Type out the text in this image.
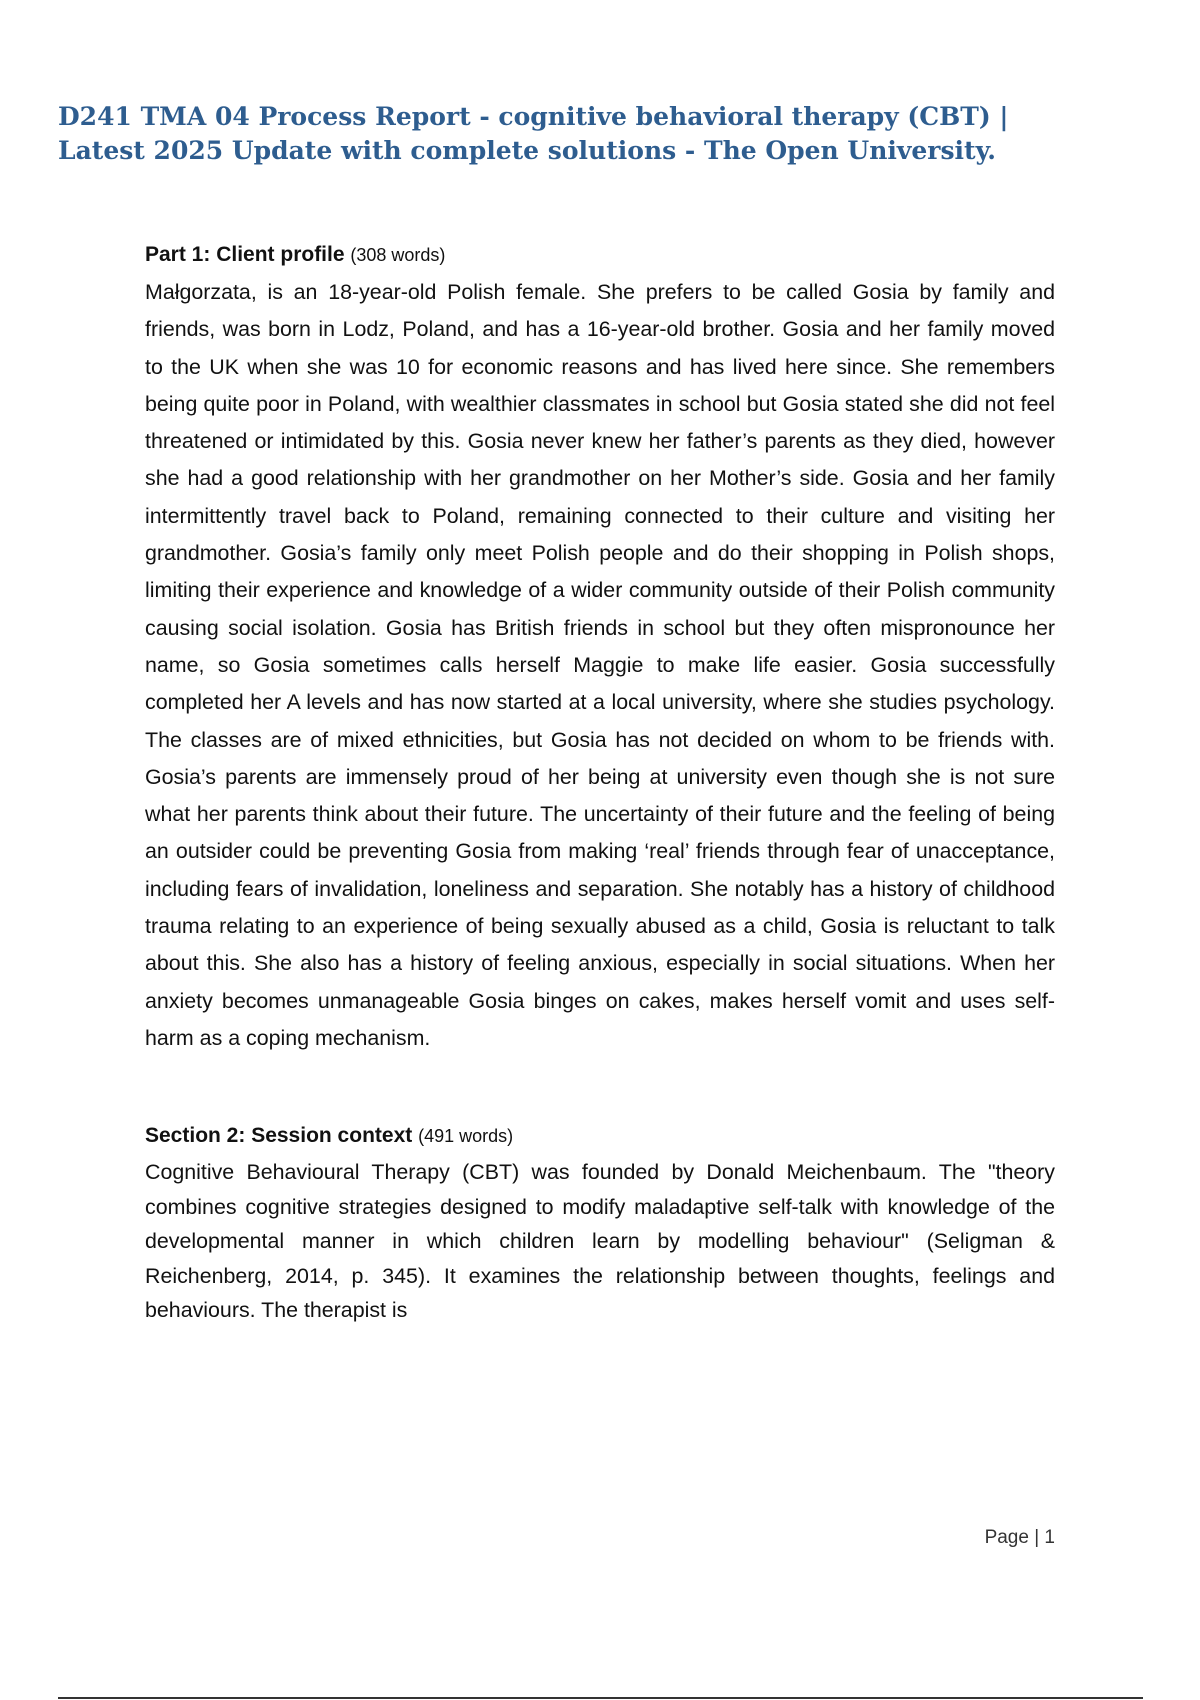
D241 TMA 04 Process Report - cognitive behavioral therapy (CBT) | Latest 2025 Update with complete solutions - The Open University.
Part 1: Client profile (308 words)

Małgorzata, is an 18-year-old Polish female. She prefers to be called Gosia by family and friends, was born in Lodz, Poland, and has a 16-year-old brother. Gosia and her family moved to the UK when she was 10 for economic reasons and has lived here since. She remembers being quite poor in Poland, with wealthier classmates in school but Gosia stated she did not feel threatened or intimidated by this. Gosia never knew her father’s parents as they died, however she had a good relationship with her grandmother on her Mother’s side. Gosia and her family intermittently travel back to Poland, remaining connected to their culture and visiting her grandmother. Gosia’s family only meet Polish people and do their shopping in Polish shops, limiting their experience and knowledge of a wider community outside of their Polish community causing social isolation. Gosia has British friends in school but they often mispronounce her name, so Gosia sometimes calls herself Maggie to make life easier. Gosia successfully completed her A levels and has now started at a local university, where she studies psychology. The classes are of mixed ethnicities, but Gosia has not decided on whom to be friends with. Gosia’s parents are immensely proud of her being at university even though she is not sure what her parents think about their future. The uncertainty of their future and the feeling of being an outsider could be preventing Gosia from making ‘real’ friends through fear of unacceptance, including fears of invalidation, loneliness and separation. She notably has a history of childhood trauma relating to an experience of being sexually abused as a child, Gosia is reluctant to talk about this. She also has a history of feeling anxious, especially in social situations. When her anxiety becomes unmanageable Gosia binges on cakes, makes herself vomit and uses self-harm as a coping mechanism.

Section 2: Session context (491 words)

Cognitive Behavioural Therapy (CBT) was founded by Donald Meichenbaum. The "theory combines cognitive strategies designed to modify maladaptive self-talk with knowledge of the developmental manner in which children learn by modelling behaviour" (Seligman & Reichenberg, 2014, p. 345). It examines the relationship between thoughts, feelings and behaviours. The therapist is

Page | 1
